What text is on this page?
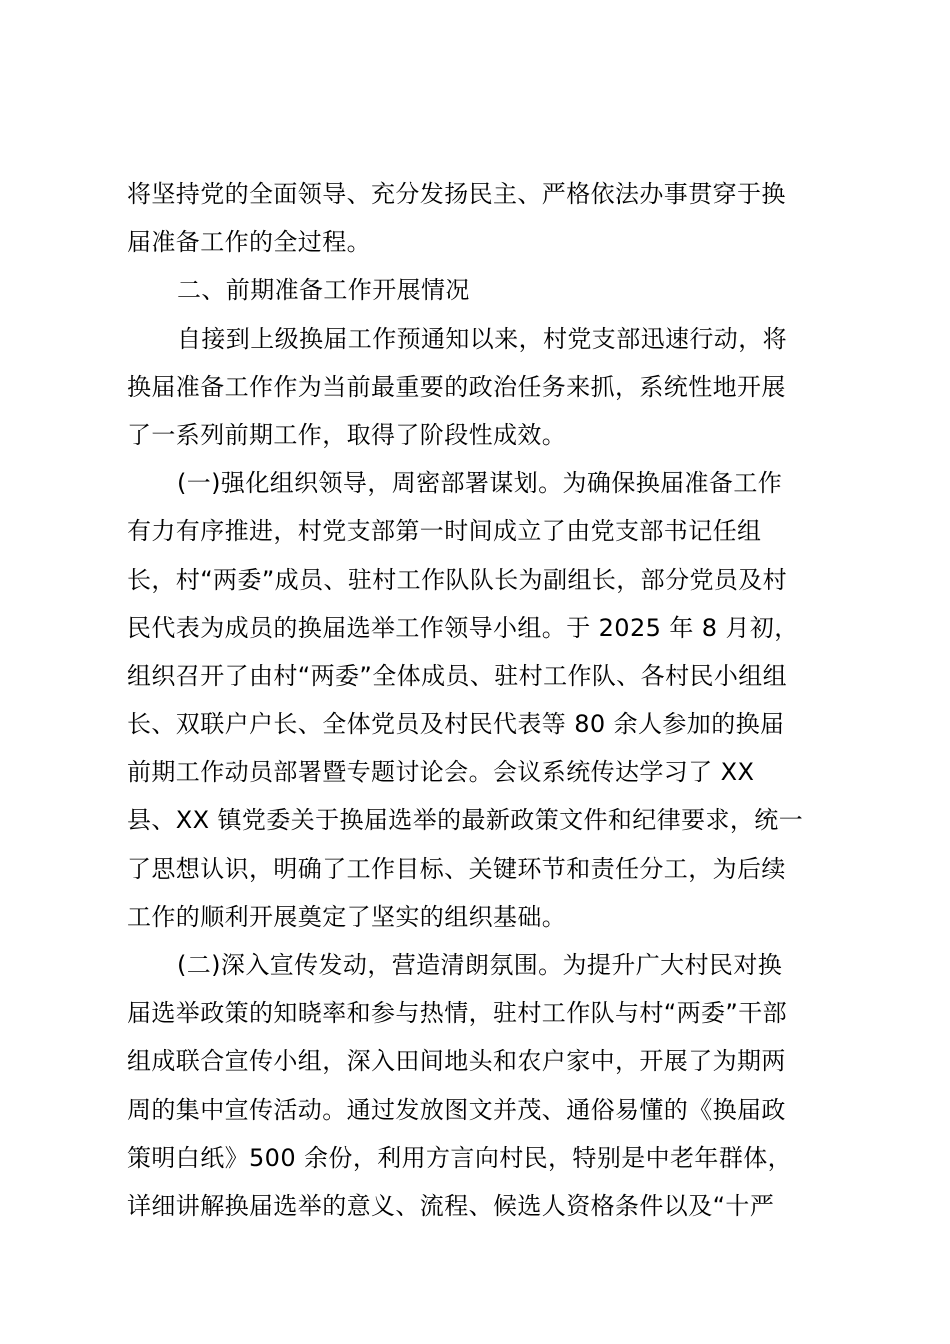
将坚持党的全面领导、充分发扬民主、严格依法办事贯穿于换
届准备工作的全过程。
二、前期准备工作开展情况
自接到上级换届工作预通知以来，村党支部迅速行动，将
换届准备工作作为当前最重要的政治任务来抓，系统性地开展
了一系列前期工作，取得了阶段性成效。
(一)强化组织领导，周密部署谋划。为确保换届准备工作
有力有序推进，村党支部第一时间成立了由党支部书记任组
长，村“两委”成员、驻村工作队队长为副组长，部分党员及村
民代表为成员的换届选举工作领导小组。于 2025 年 8 月初，
组织召开了由村“两委”全体成员、驻村工作队、各村民小组组
长、双联户户长、全体党员及村民代表等 80 余人参加的换届
前期工作动员部署暨专题讨论会。会议系统传达学习了 XX
县、XX 镇党委关于换届选举的最新政策文件和纪律要求，统一
了思想认识，明确了工作目标、关键环节和责任分工，为后续
工作的顺利开展奠定了坚实的组织基础。
(二)深入宣传发动，营造清朗氛围。为提升广大村民对换
届选举政策的知晓率和参与热情，驻村工作队与村“两委”干部
组成联合宣传小组，深入田间地头和农户家中，开展了为期两
周的集中宣传活动。通过发放图文并茂、通俗易懂的《换届政
策明白纸》500 余份，利用方言向村民，特别是中老年群体，
详细讲解换届选举的意义、流程、候选人资格条件以及“十严
